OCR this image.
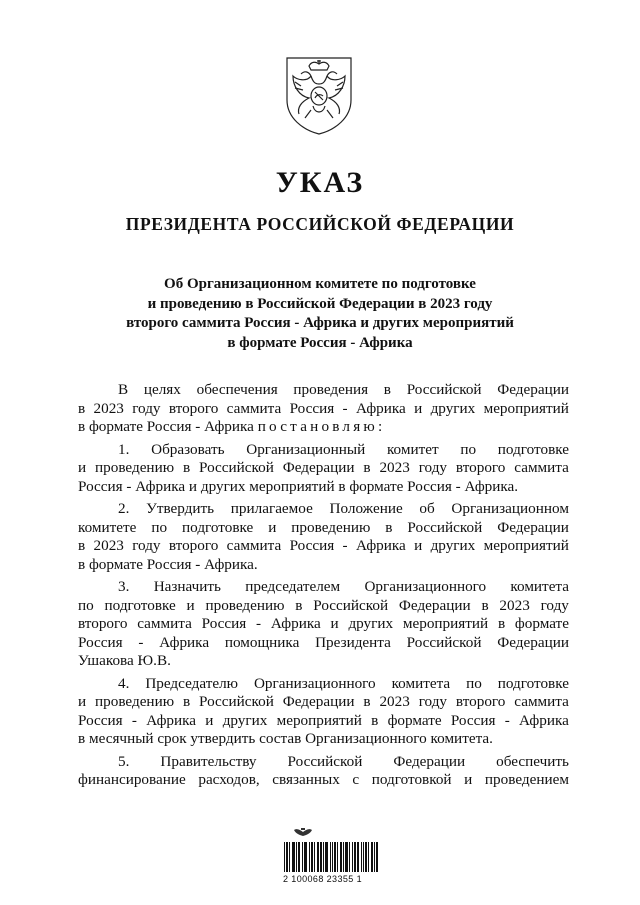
УКАЗ
ПРЕЗИДЕНТА РОССИЙСКОЙ ФЕДЕРАЦИИ
Об Организационном комитете по подготовке
и проведению в Российской Федерации в 2023 году
второго саммита Россия - Африка и других мероприятий
в формате Россия - Африка
В целях обеспечения проведения в Российской Федерации
в 2023 году второго саммита Россия - Африка и других мероприятий
в формате Россия - Африка постановляю:
1. Образовать Организационный комитет по подготовке
и проведению в Российской Федерации в 2023 году второго саммита
Россия - Африка и других мероприятий в формате Россия - Африка.
2. Утвердить прилагаемое Положение об Организационном
комитете по подготовке и проведению в Российской Федерации
в 2023 году второго саммита Россия - Африка и других мероприятий
в формате Россия - Африка.
3. Назначить председателем Организационного комитета
по подготовке и проведению в Российской Федерации в 2023 году
второго саммита Россия - Африка и других мероприятий в формате
Россия - Африка помощника Президента Российской Федерации
Ушакова Ю.В.
4. Председателю Организационного комитета по подготовке
и проведению в Российской Федерации в 2023 году второго саммита
Россия - Африка и других мероприятий в формате Россия - Африка
в месячный срок утвердить состав Организационного комитета.
5. Правительству Российской Федерации обеспечить
финансирование расходов, связанных с подготовкой и проведением
2 100068 23355 1
